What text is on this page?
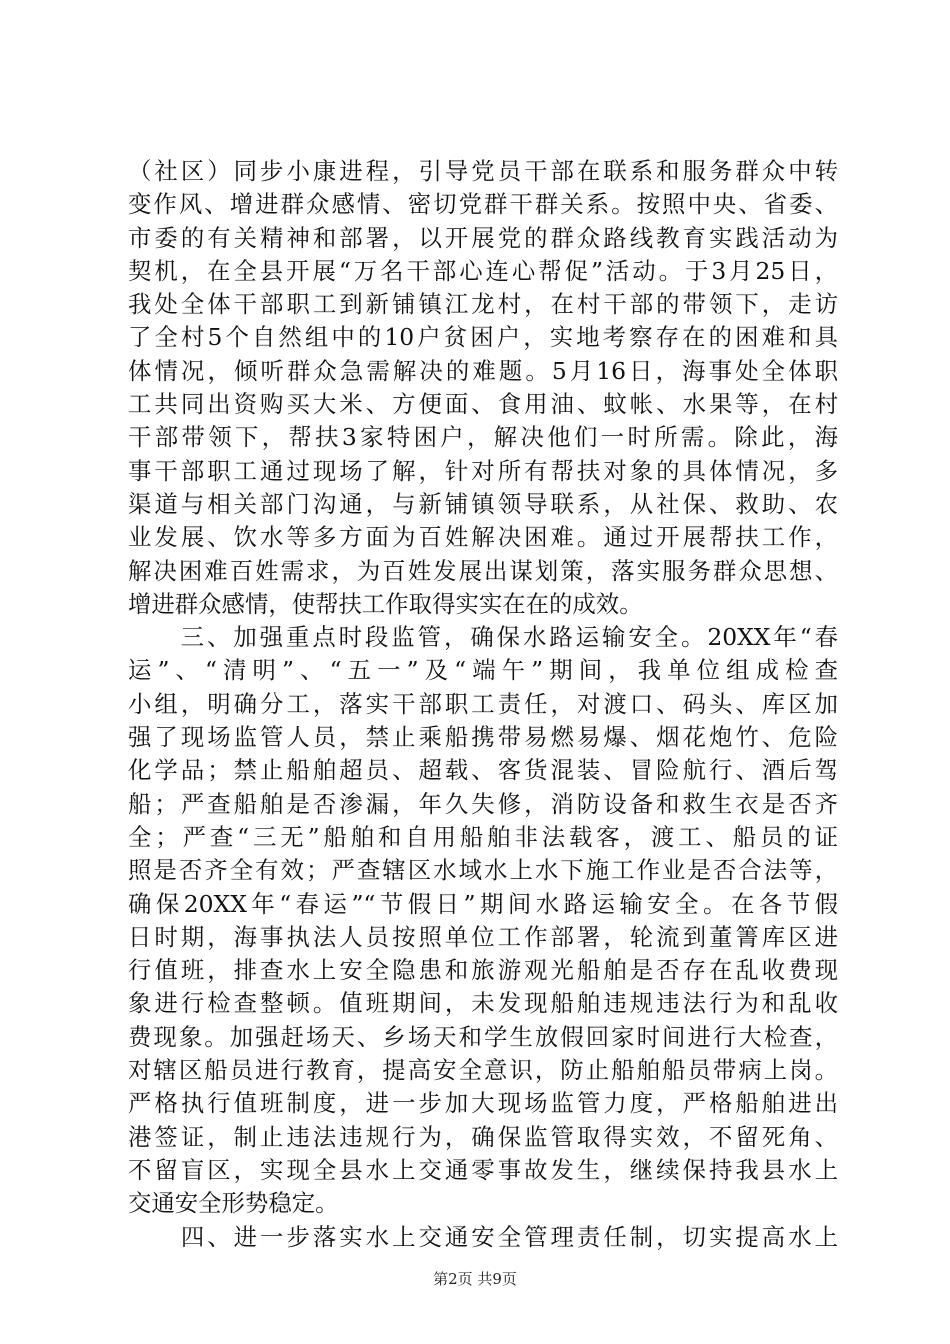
（社区）同步小康进程，引导党员干部在联系和服务群众中转
变作风、增进群众感情、密切党群干群关系。按照中央、省委、
市委的有关精神和部署，以开展党的群众路线教育实践活动为
契机，在全县开展“万名干部心连心帮促”活动。于3月25日，
我处全体干部职工到新铺镇江龙村，在村干部的带领下，走访
了全村5个自然组中的10户贫困户，实地考察存在的困难和具
体情况，倾听群众急需解决的难题。5月16日，海事处全体职
工共同出资购买大米、方便面、食用油、蚊帐、水果等，在村
干部带领下，帮扶3家特困户，解决他们一时所需。除此，海
事干部职工通过现场了解，针对所有帮扶对象的具体情况，多
渠道与相关部门沟通，与新铺镇领导联系，从社保、救助、农
业发展、饮水等多方面为百姓解决困难。通过开展帮扶工作，
解决困难百姓需求，为百姓发展出谋划策，落实服务群众思想、
增进群众感情，使帮扶工作取得实实在在的成效。
　　三、加强重点时段监管，确保水路运输安全。20XX年“春
运”、“清明”、“五一”及“端午”期间，我单位组成检查
小组，明确分工，落实干部职工责任，对渡口、码头、库区加
强了现场监管人员，禁止乘船携带易燃易爆、烟花炮竹、危险
化学品；禁止船舶超员、超载、客货混装、冒险航行、酒后驾
船；严查船舶是否渗漏，年久失修，消防设备和救生衣是否齐
全；严查“三无”船舶和自用船舶非法载客，渡工、船员的证
照是否齐全有效；严查辖区水域水上水下施工作业是否合法等，
确保20XX年“春运”“节假日”期间水路运输安全。在各节假
日时期，海事执法人员按照单位工作部署，轮流到董箐库区进
行值班，排查水上安全隐患和旅游观光船舶是否存在乱收费现
象进行检查整顿。值班期间，未发现船舶违规违法行为和乱收
费现象。加强赶场天、乡场天和学生放假回家时间进行大检查，
对辖区船员进行教育，提高安全意识，防止船舶船员带病上岗。
严格执行值班制度，进一步加大现场监管力度，严格船舶进出
港签证，制止违法违规行为，确保监管取得实效，不留死角、
不留盲区，实现全县水上交通零事故发生，继续保持我县水上
交通安全形势稳定。
　　四、进一步落实水上交通安全管理责任制，切实提高水上
第2页 共9页
